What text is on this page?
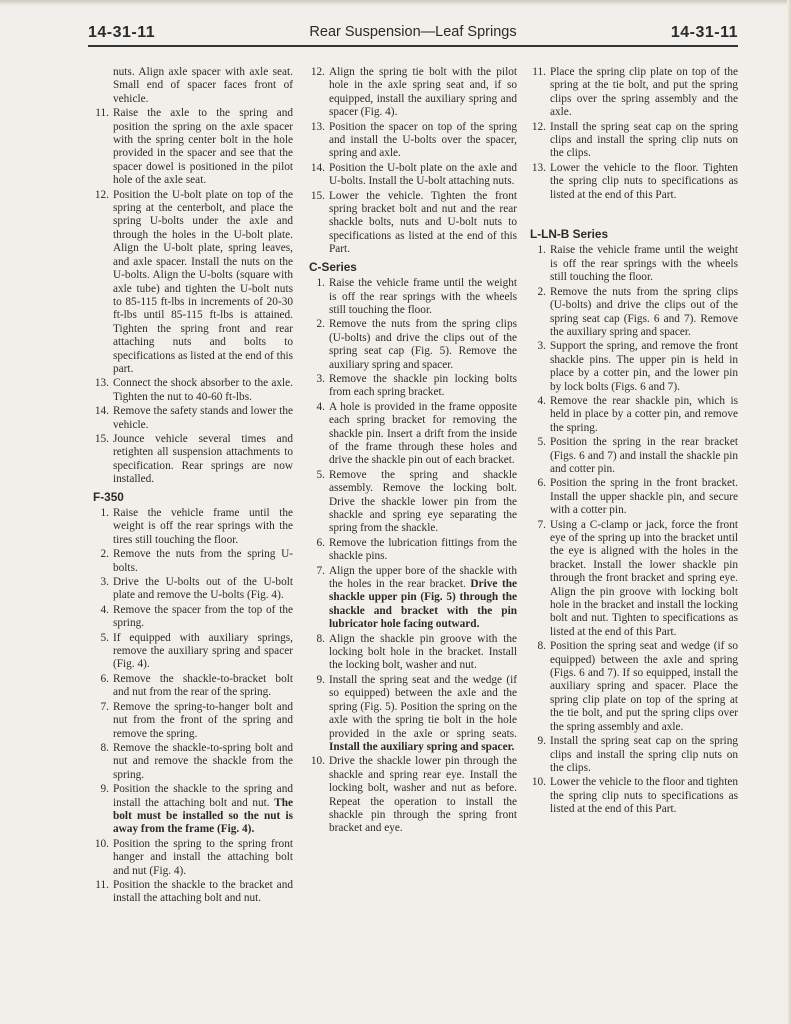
14-31-11	Rear Suspension—Leaf Springs	14-31-11
nuts. Align axle spacer with axle seat. Small end of spacer faces front of vehicle.
11. Raise the axle to the spring and position the spring on the axle spacer with the spring center bolt in the hole provided in the spacer and see that the spacer dowel is positioned in the pilot hole of the axle seat.
12. Position the U-bolt plate on top of the spring at the centerbolt, and place the spring U-bolts under the axle and through the holes in the U-bolt plate. Align the U-bolt plate, spring leaves, and axle spacer. Install the nuts on the U-bolts. Align the U-bolts (square with axle tube) and tighten the U-bolt nuts to 85-115 ft-lbs in increments of 20-30 ft-lbs until 85-115 ft-lbs is attained. Tighten the spring front and rear attaching nuts and bolts to specifications as listed at the end of this part.
13. Connect the shock absorber to the axle. Tighten the nut to 40-60 ft-lbs.
14. Remove the safety stands and lower the vehicle.
15. Jounce vehicle several times and retighten all suspension attachments to specification. Rear springs are now installed.
F-350
1. Raise the vehicle frame until the weight is off the rear springs with the tires still touching the floor.
2. Remove the nuts from the spring U-bolts.
3. Drive the U-bolts out of the U-bolt plate and remove the U-bolts (Fig. 4).
4. Remove the spacer from the top of the spring.
5. If equipped with auxiliary springs, remove the auxiliary spring and spacer (Fig. 4).
6. Remove the shackle-to-bracket bolt and nut from the rear of the spring.
7. Remove the spring-to-hanger bolt and nut from the front of the spring and remove the spring.
8. Remove the shackle-to-spring bolt and nut and remove the shackle from the spring.
9. Position the shackle to the spring and install the attaching bolt and nut. The bolt must be installed so the nut is away from the frame (Fig. 4).
10. Position the spring to the spring front hanger and install the attaching bolt and nut (Fig. 4).
11. Position the shackle to the bracket and install the attaching bolt and nut.
12. Align the spring tie bolt with the pilot hole in the axle spring seat and, if so equipped, install the auxiliary spring and spacer (Fig. 4).
13. Position the spacer on top of the spring and install the U-bolts over the spacer, spring and axle.
14. Position the U-bolt plate on the axle and U-bolts. Install the U-bolt attaching nuts.
15. Lower the vehicle. Tighten the front spring bracket bolt and nut and the rear shackle bolts, nuts and U-bolt nuts to specifications as listed at the end of this Part.
C-Series
1. Raise the vehicle frame until the weight is off the rear springs with the wheels still touching the floor.
2. Remove the nuts from the spring clips (U-bolts) and drive the clips out of the spring seat cap (Fig. 5). Remove the auxiliary spring and spacer.
3. Remove the shackle pin locking bolts from each spring bracket.
4. A hole is provided in the frame opposite each spring bracket for removing the shackle pin. Insert a drift from the inside of the frame through these holes and drive the shackle pin out of each bracket.
5. Remove the spring and shackle assembly. Remove the locking bolt. Drive the shackle lower pin from the shackle and spring eye separating the spring from the shackle.
6. Remove the lubrication fittings from the shackle pins.
7. Align the upper bore of the shackle with the holes in the rear bracket. Drive the shackle upper pin (Fig. 5) through the shackle and bracket with the pin lubricator hole facing outward.
8. Align the shackle pin groove with the locking bolt hole in the bracket. Install the locking bolt, washer and nut.
9. Install the spring seat and the wedge (if so equipped) between the axle and the spring (Fig. 5). Position the spring on the axle with the spring tie bolt in the hole provided in the axle or spring seats. Install the auxiliary spring and spacer.
10. Drive the shackle lower pin through the shackle and spring rear eye. Install the locking bolt, washer and nut as before. Repeat the operation to install the shackle pin through the spring front bracket and eye.
11. Place the spring clip plate on top of the spring at the tie bolt, and put the spring clips over the spring assembly and the axle.
12. Install the spring seat cap on the spring clips and install the spring clip nuts on the clips.
13. Lower the vehicle to the floor. Tighten the spring clip nuts to specifications as listed at the end of this Part.
L-LN-B Series
1. Raise the vehicle frame until the weight is off the rear springs with the wheels still touching the floor.
2. Remove the nuts from the spring clips (U-bolts) and drive the clips out of the spring seat cap (Figs. 6 and 7). Remove the auxiliary spring and spacer.
3. Support the spring, and remove the front shackle pins. The upper pin is held in place by a cotter pin, and the lower pin by lock bolts (Figs. 6 and 7).
4. Remove the rear shackle pin, which is held in place by a cotter pin, and remove the spring.
5. Position the spring in the rear bracket (Figs. 6 and 7) and install the shackle pin and cotter pin.
6. Position the spring in the front bracket. Install the upper shackle pin, and secure with a cotter pin.
7. Using a C-clamp or jack, force the front eye of the spring up into the bracket until the eye is aligned with the holes in the bracket. Install the lower shackle pin through the front bracket and spring eye. Align the pin groove with locking bolt hole in the bracket and install the locking bolt and nut. Tighten to specifications as listed at the end of this Part.
8. Position the spring seat and wedge (if so equipped) between the axle and spring (Figs. 6 and 7). If so equipped, install the auxiliary spring and spacer. Place the spring clip plate on top of the spring at the tie bolt, and put the spring clips over the spring assembly and axle.
9. Install the spring seat cap on the spring clips and install the spring clip nuts on the clips.
10. Lower the vehicle to the floor and tighten the spring clip nuts to specifications as listed at the end of this Part.
